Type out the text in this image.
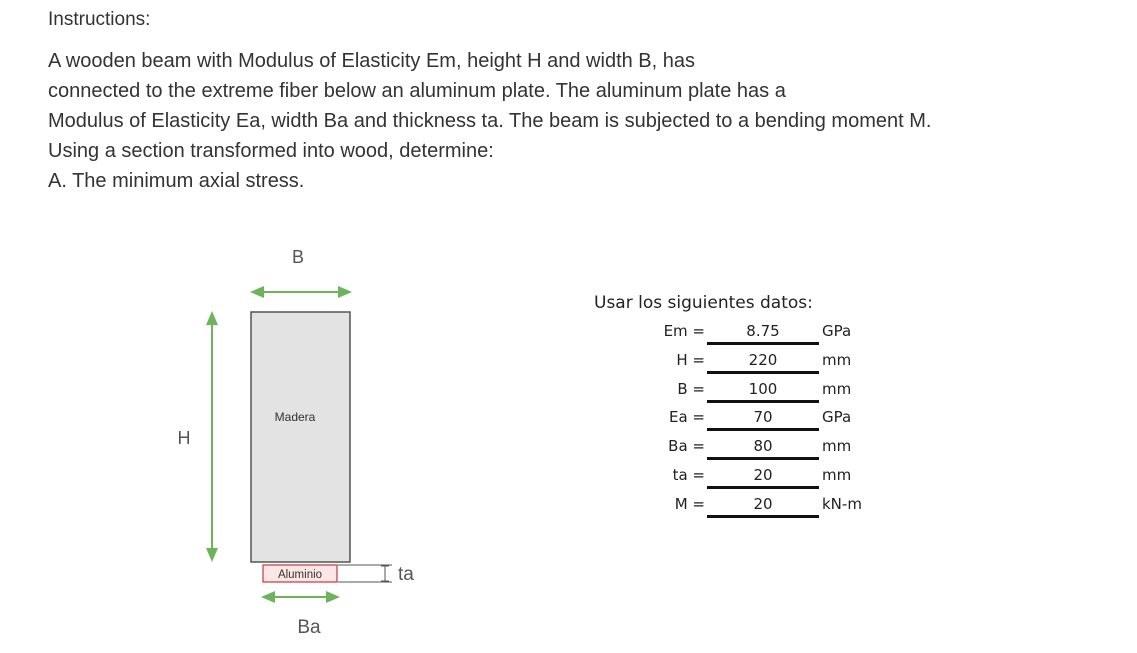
Instructions:
A wooden beam with Modulus of Elasticity Em, height H and width B, has
connected to the extreme fiber below an aluminum plate. The aluminum plate has a
Modulus of Elasticity Ea, width Ba and thickness ta. The beam is subjected to a bending moment M.
Using a section transformed into wood, determine:
A. The minimum axial stress.
B
H
Madera
Aluminio	ta
Ba
Usar los siguientes datos:
Em =	8.75	GPa
H =	220	mm
B =	100	mm
Ea =	70	GPa
Ba =	80	mm
ta =	20	mm
M =	20	kN-m
